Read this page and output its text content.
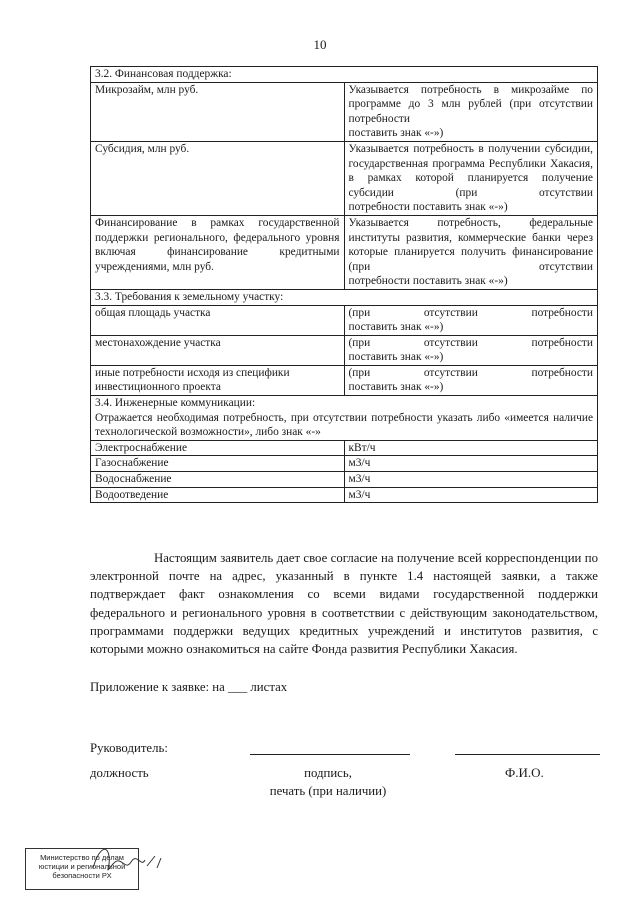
10
3.2. Финансовая поддержка:	
Микрозайм, млн руб.	Указывается потребность в микрозайме по программе до 3 млн рублей (при отсутствии потребности
поставить знак «-»)

Субсидия, млн руб.	Указывается потребность в получении субсидии, государственная программа Республики Хакасия, в рамках которой планируется получение субсидии (при отсутствии
потребности поставить знак «-»)

Финансирование в рамках государственной поддержки регионального, федерального уровня включая финансирование кредитными учреждениями, млн руб.	Указывается потребность, федеральные институты развития, коммерческие банки через которые планируется получить финансирование (при отсутствии
потребности поставить знак «-»)

3.3. Требования к земельному участку:	
общая площадь участка	(при отсутствии потребности
поставить знак «-»)

местонахождение участка	(при отсутствии потребности
поставить знак «-»)

иные потребности исходя из специфики инвестиционного проекта	(при отсутствии потребности
поставить знак «-»)

3.4. Инженерные коммуникации:
Отражается необходимая потребность, при отсутствии потребности указать либо «имеется наличие технологической возможности», либо знак «-»	

Электроснабжение	кВт/ч
Газоснабжение	м3/ч
Водоснабжение	м3/ч
Водоотведение	м3/ч
Настоящим заявитель дает свое согласие на получение всей корреспонденции по электронной почте на адрес, указанный в пункте 1.4 настоящей заявки, а также подтверждает факт ознакомления со всеми видами государственной поддержки федерального и регионального уровня в соответствии с действующим законодательством, программами поддержки ведущих кредитных учреждений и институтов развития, с которыми можно ознакомиться на сайте Фонда развития Республики Хакасия.
Приложение к заявке: на ___ листах
Руководитель:
должность	подпись,
печать (при наличии)
Ф.И.О.
Министерство по делам
юстиции и региональной
безопасности РХ
